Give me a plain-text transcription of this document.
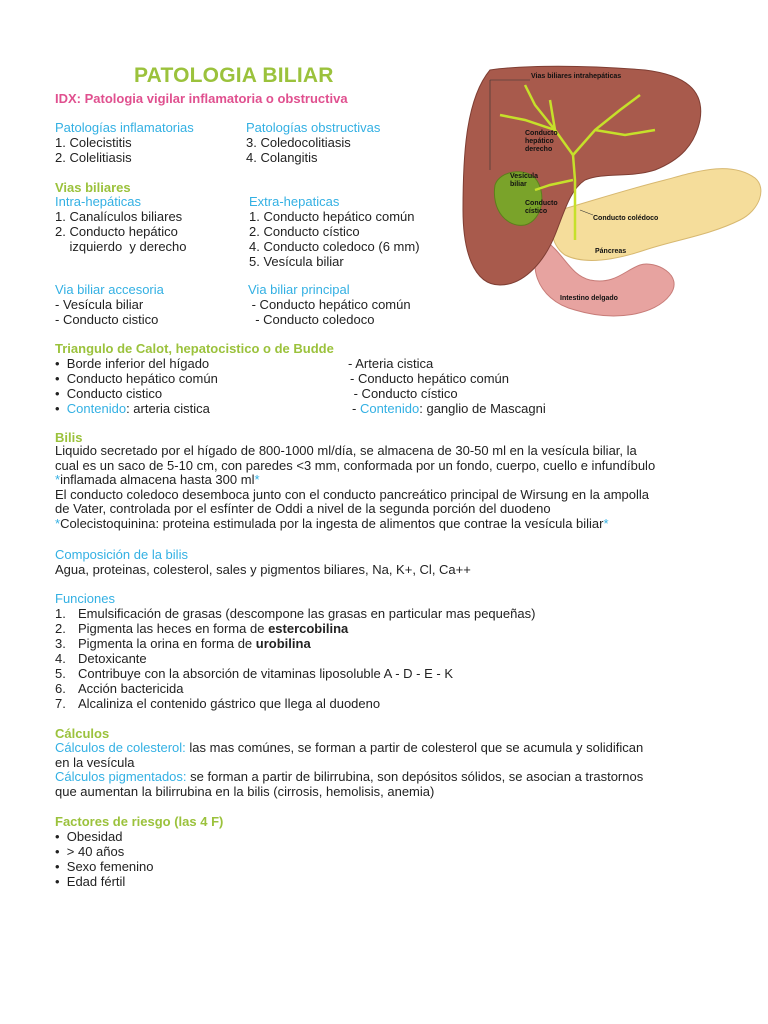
PATOLOGIA BILIAR
IDX: Patologia vigilar inflamatoria o obstructiva
Patologías inflamatorias
1. Colecistitis
2. Colelitiasis
Patologías obstructivas
3. Coledocolitiasis
4. Colangitis
Vias biliares
Intra-hepáticas
1. Canalículos biliares
2. Conducto hepático
izquierdo  y derecho
Extra-hepaticas
1. Conducto hepático común
2. Conducto cístico
4. Conducto coledoco (6 mm)
5. Vesícula biliar
Via biliar accesoria
- Vesícula biliar
- Conducto cistico
Via biliar principal
- Conducto hepático común
- Conducto coledoco
Triangulo de Calot, hepatocistico o de Budde
•  Borde inferior del hígado
•  Conducto hepático común
•  Conducto cistico
•  Contenido: arteria cistica
- Arteria cistica
- Conducto hepático común
- Conducto cístico
- Contenido: ganglio de Mascagni
Bilis
Liquido secretado por el hígado de 800-1000 ml/día, se almacena de 30-50 ml en la vesícula biliar, la
cual es un saco de 5-10 cm, con paredes <3 mm, conformada por un fondo, cuerpo, cuello e infundíbulo
*inflamada almacena hasta 300 ml*
El conducto coledoco desemboca junto con el conducto pancreático principal de Wirsung en la ampolla
de Vater, controlada por el esfínter de Oddi a nivel de la segunda porción del duodeno
*Colecistoquinina: proteina estimulada por la ingesta de alimentos que contrae la vesícula biliar*
Composición de la bilis
Agua, proteinas, colesterol, sales y pigmentos biliares, Na, K+, Cl, Ca++
Funciones
1. Emulsificación de grasas (descompone las grasas en particular mas pequeñas)
2. Pigmenta las heces en forma de estercobilina
3. Pigmenta la orina en forma de urobilina
4. Detoxicante
5. Contribuye con la absorción de vitaminas liposoluble A - D - E - K
6. Acción bactericida
7. Alcaliniza el contenido gástrico que llega al duodeno
Cálculos
Cálculos de colesterol: las mas comúnes, se forman a partir de colesterol que se acumula y solidifican
en la vesícula
Cálculos pigmentados: se forman a partir de bilirrubina, son depósitos sólidos, se asocian a trastornos
que aumentan la bilirrubina en la bilis (cirrosis, hemolisis, anemia)
Factores de riesgo (las 4 F)
•  Obesidad
•  > 40 años
•  Sexo femenino
•  Edad fértil
Vias biliares intrahepáticas
Conducto
hepático
derecho
Vesícula
biliar
Conducto
cístico
Conducto colédoco
Páncreas
Intestino delgado
